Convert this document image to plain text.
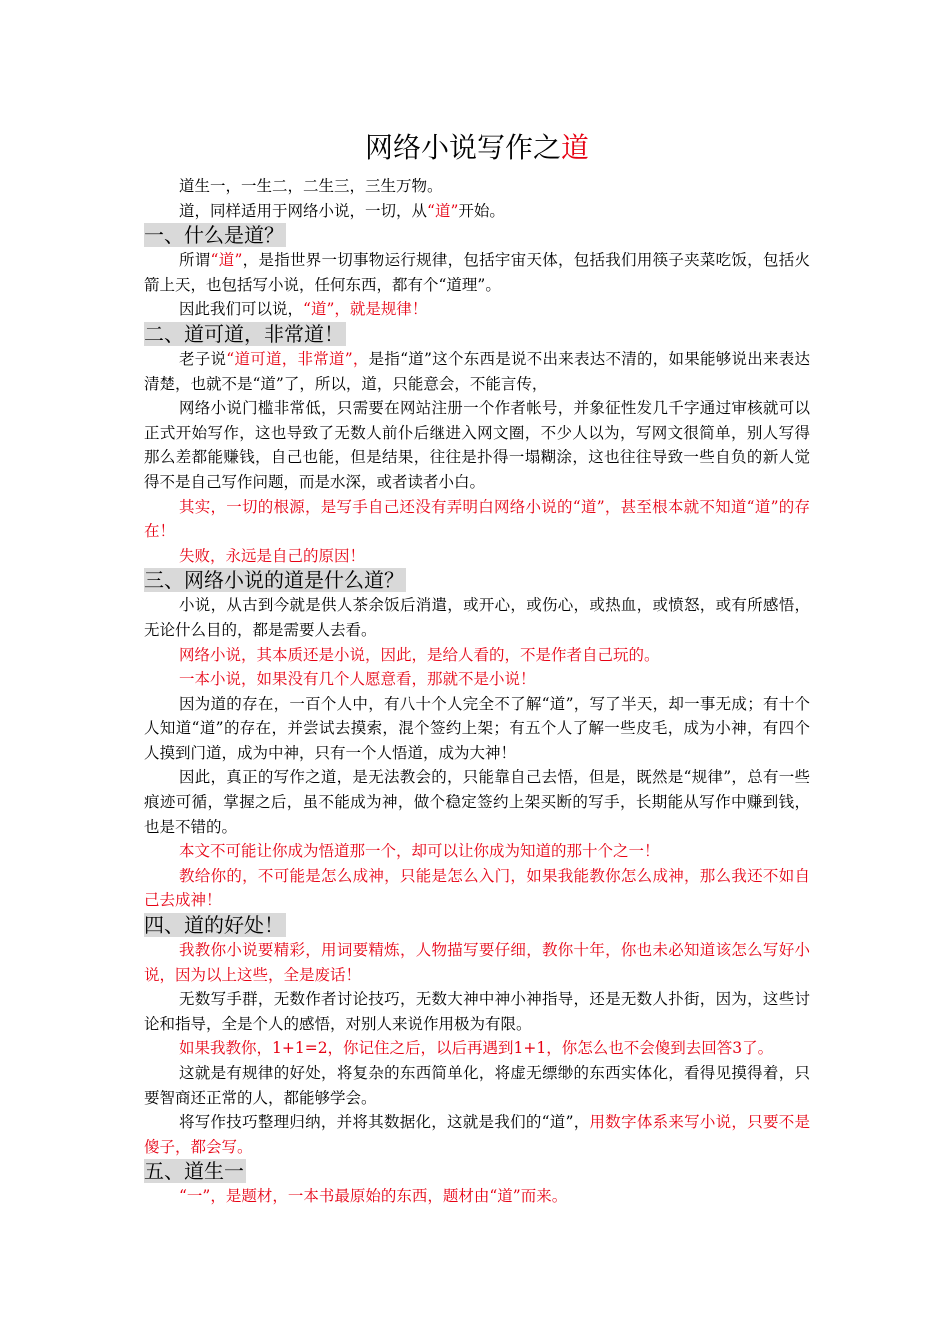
网络小说写作之道

道生一，一生二，二生三，三生万物。

道，同样适用于网络小说，一切，从“道”开始。

一、什么是道？

所谓“道”，是指世界一切事物运行规律，包括宇宙天体，包括我们用筷子夹菜吃饭，包括火箭上天，也包括写小说，任何东西，都有个“道理”。

因此我们可以说，“道”，就是规律！

二、道可道，非常道！

老子说“道可道，非常道”，是指“道”这个东西是说不出来表达不清的，如果能够说出来表达清楚，也就不是“道”了，所以，道，只能意会，不能言传，

网络小说门槛非常低，只需要在网站注册一个作者帐号，并象征性发几千字通过审核就可以正式开始写作，这也导致了无数人前仆后继进入网文圈，不少人以为，写网文很简单，别人写得那么差都能赚钱，自己也能，但是结果，往往是扑得一塌糊涂，这也往往导致一些自负的新人觉得不是自己写作问题，而是水深，或者读者小白。

其实，一切的根源，是写手自己还没有弄明白网络小说的“道”，甚至根本就不知道“道”的存在！

失败，永远是自己的原因！

三、网络小说的道是什么道？

小说，从古到今就是供人茶余饭后消遣，或开心，或伤心，或热血，或愤怒，或有所感悟，无论什么目的，都是需要人去看。

网络小说，其本质还是小说，因此，是给人看的，不是作者自己玩的。

一本小说，如果没有几个人愿意看，那就不是小说！

因为道的存在，一百个人中，有八十个人完全不了解“道”，写了半天，却一事无成；有十个人知道“道”的存在，并尝试去摸索，混个签约上架；有五个人了解一些皮毛，成为小神，有四个人摸到门道，成为中神，只有一个人悟道，成为大神！

因此，真正的写作之道，是无法教会的，只能靠自己去悟，但是，既然是“规律”，总有一些痕迹可循，掌握之后，虽不能成为神，做个稳定签约上架买断的写手，长期能从写作中赚到钱，也是不错的。

本文不可能让你成为悟道那一个，却可以让你成为知道的那十个之一！

教给你的，不可能是怎么成神，只能是怎么入门，如果我能教你怎么成神，那么我还不如自己去成神！

四、道的好处！

我教你小说要精彩，用词要精炼，人物描写要仔细，教你十年，你也未必知道该怎么写好小说，因为以上这些，全是废话！

无数写手群，无数作者讨论技巧，无数大神中神小神指导，还是无数人扑街，因为，这些讨论和指导，全是个人的感悟，对别人来说作用极为有限。

如果我教你，1+1=2，你记住之后，以后再遇到1+1，你怎么也不会傻到去回答3了。

这就是有规律的好处，将复杂的东西简单化，将虚无缥缈的东西实体化，看得见摸得着，只要智商还正常的人，都能够学会。

将写作技巧整理归纳，并将其数据化，这就是我们的“道”，用数字体系来写小说，只要不是傻子，都会写。

五、道生一

“一”，是题材，一本书最原始的东西，题材由“道”而来。
